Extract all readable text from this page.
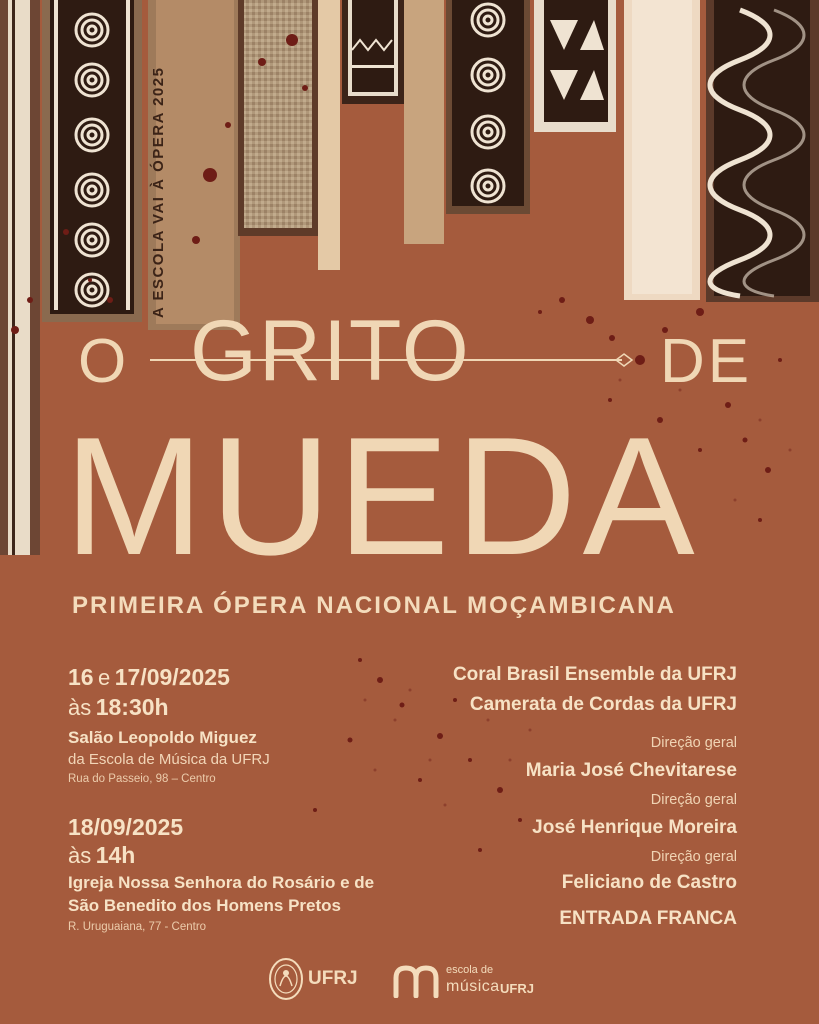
A ESCOLA VAI À ÓPERA 2025
O GRITO	DE
MUEDA
PRIMEIRA ÓPERA NACIONAL MOÇAMBICANA
16 e 17/09/2025
às 18:30h
Salão Leopoldo Miguez
da Escola de Música da UFRJ
Rua do Passeio, 98 – Centro
18/09/2025
às 14h
Igreja Nossa Senhora do Rosário e de
São Benedito dos Homens Pretos
R. Uruguaiana, 77 - Centro
Coral Brasil Ensemble da UFRJ
Camerata de Cordas da UFRJ
Direção geral
Maria José Chevitarese
Direção geral
José Henrique Moreira
Direção geral
Feliciano de Castro
ENTRADA FRANCA
UFRJ	escola de
música UFRJ
